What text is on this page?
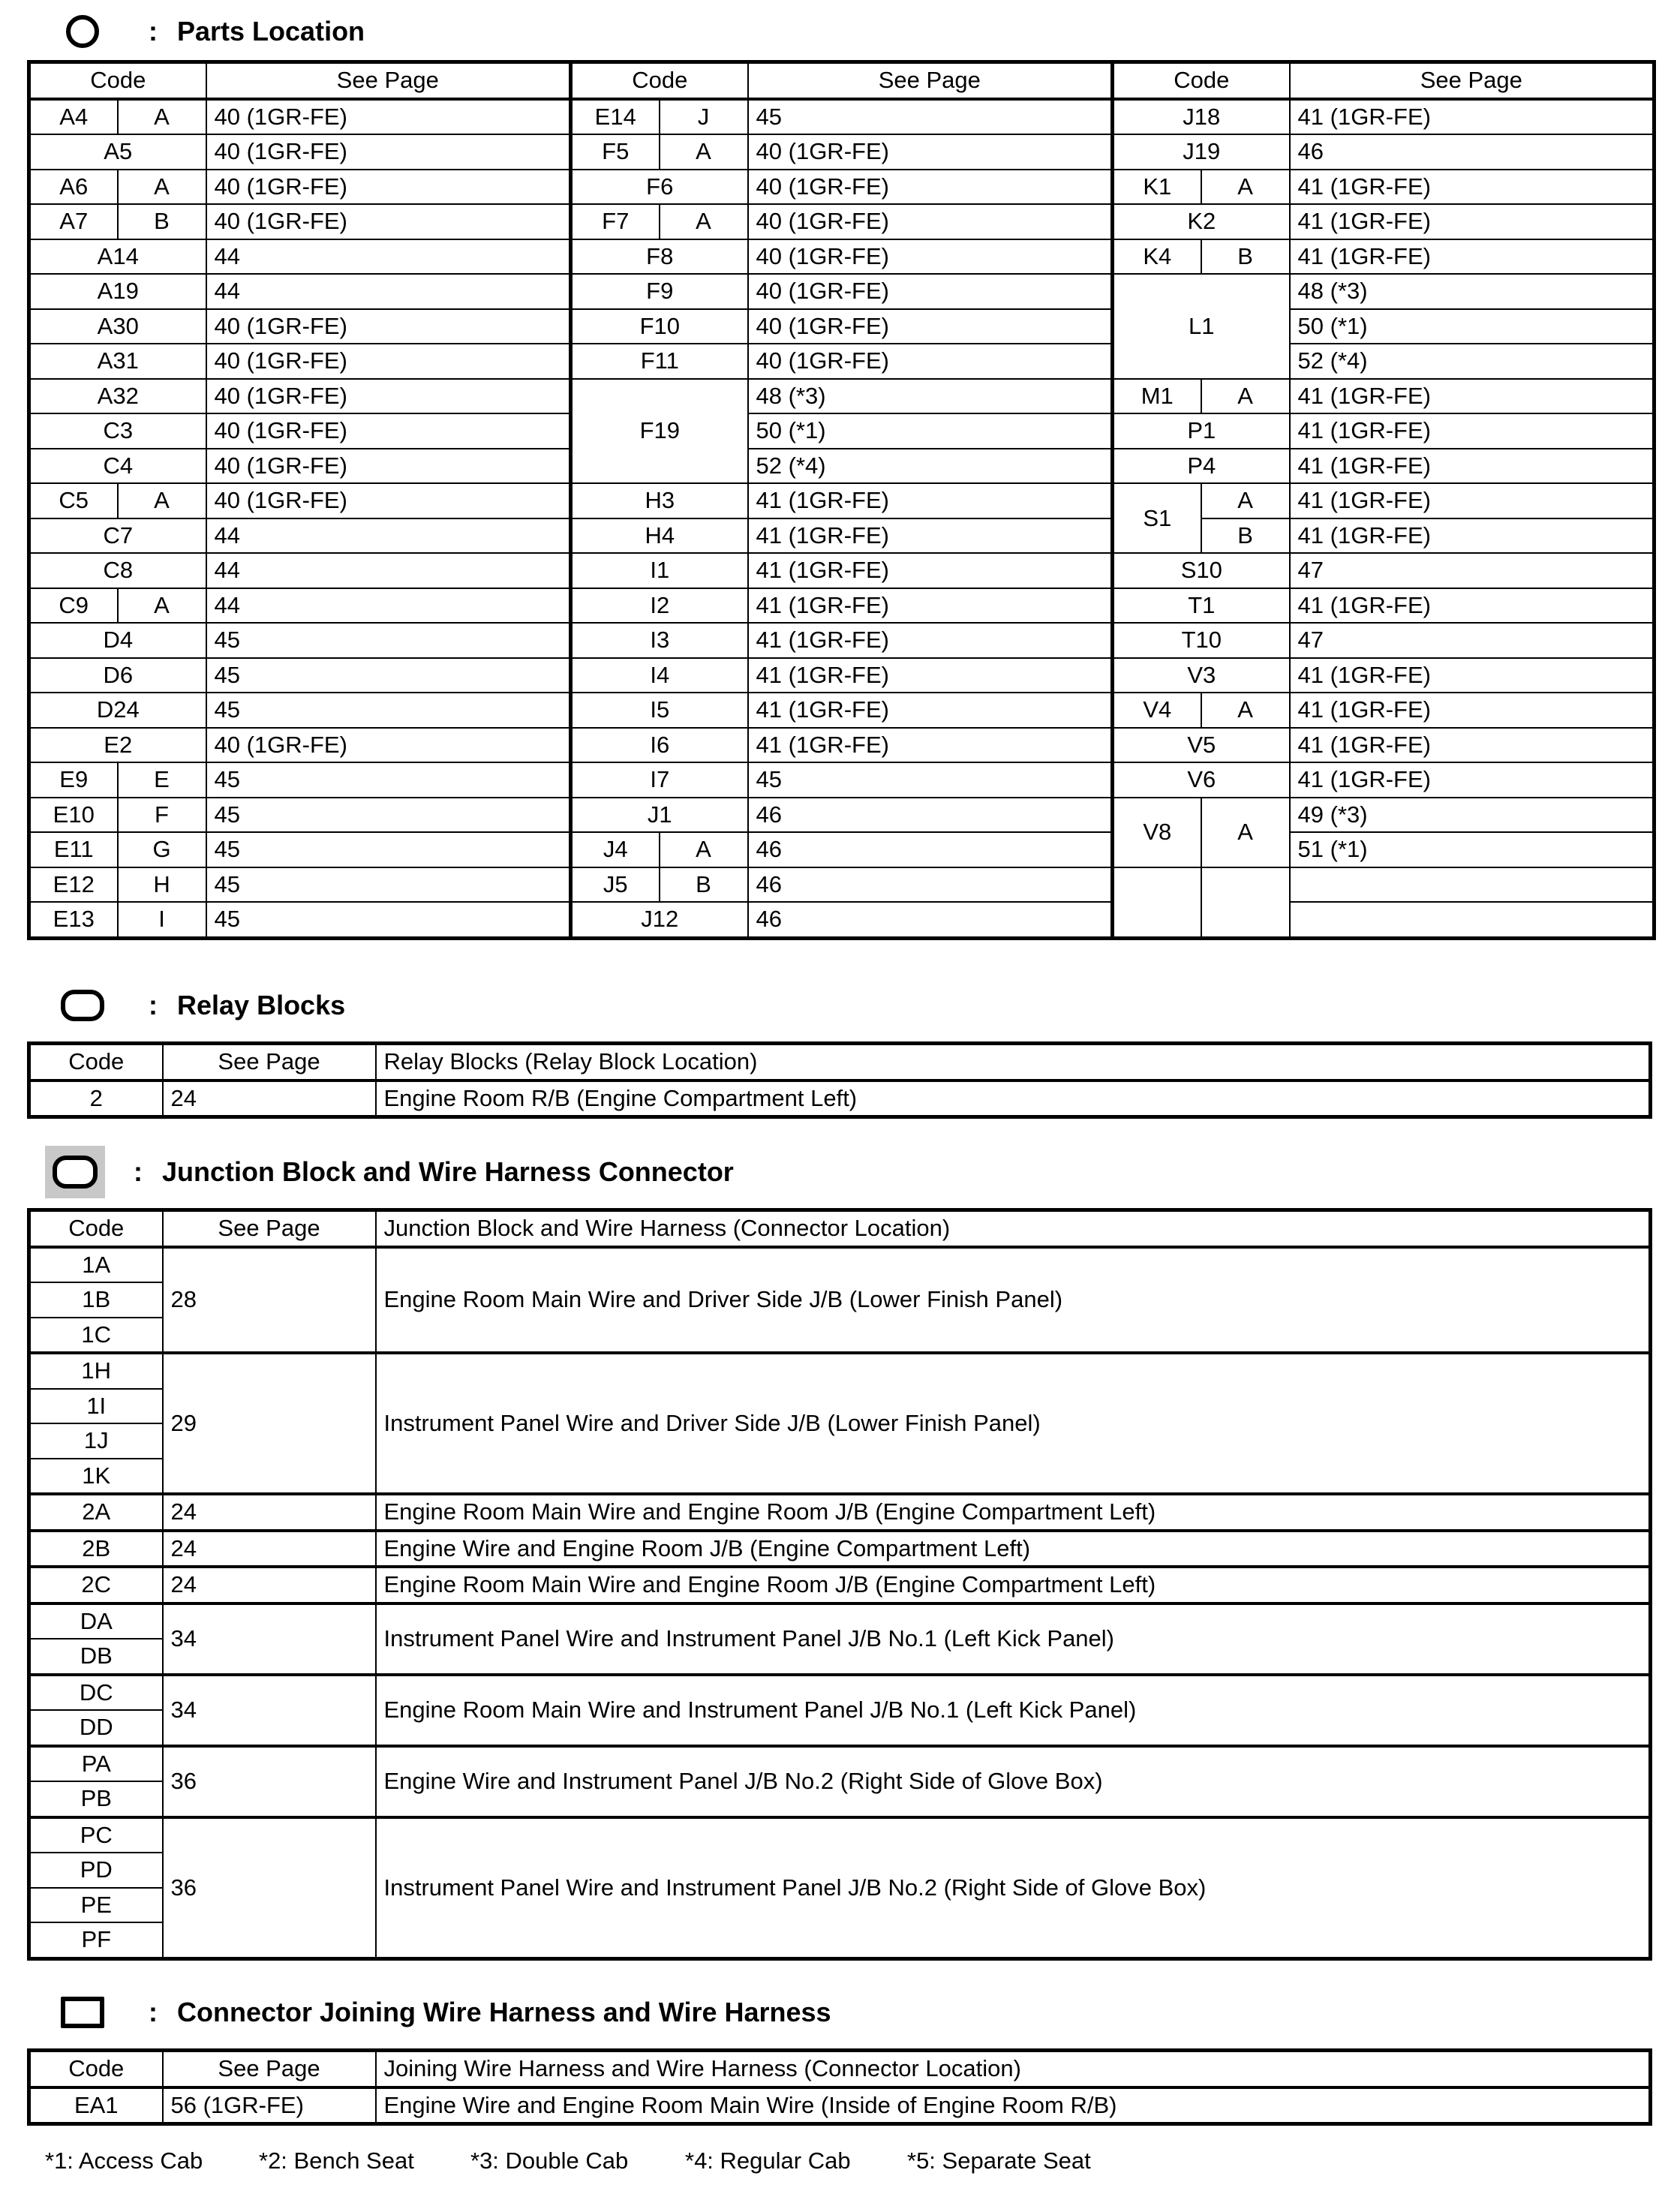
: Parts Location
Code		See Page	Code		See Page	Code		See Page
A4	A	40 (1GR-FE)	E14	J	45	J18		41 (1GR-FE)
A5		40 (1GR-FE)	F5	A	40 (1GR-FE)	J19		46
A6	A	40 (1GR-FE)	F6		40 (1GR-FE)	K1	A	41 (1GR-FE)
A7	B	40 (1GR-FE)	F7	A	40 (1GR-FE)	K2		41 (1GR-FE)
A14		44	F8		40 (1GR-FE)	K4	B	41 (1GR-FE)
A19		44	F9		40 (1GR-FE)	L1		48 (*3)
A30		40 (1GR-FE)	F10		40 (1GR-FE)			50 (*1)
A31		40 (1GR-FE)	F11		40 (1GR-FE)			52 (*4)
A32		40 (1GR-FE)	F19		48 (*3)	M1	A	41 (1GR-FE)
C3		40 (1GR-FE)			50 (*1)	P1		41 (1GR-FE)
C4		40 (1GR-FE)			52 (*4)	P4		41 (1GR-FE)
C5	A	40 (1GR-FE)	H3		41 (1GR-FE)	S1	A	41 (1GR-FE)
C7		44	H4		41 (1GR-FE)		B	41 (1GR-FE)
C8		44	I1		41 (1GR-FE)	S10		47
C9	A	44	I2		41 (1GR-FE)	T1		41 (1GR-FE)
D4		45	I3		41 (1GR-FE)	T10		47
D6		45	I4		41 (1GR-FE)	V3		41 (1GR-FE)
D24		45	I5		41 (1GR-FE)	V4	A	41 (1GR-FE)
E2		40 (1GR-FE)	I6		41 (1GR-FE)	V5		41 (1GR-FE)
E9	E	45	I7		45	V6		41 (1GR-FE)
E10	F	45	J1		46	V8	A	49 (*3)
E11	G	45	J4	A	46			51 (*1)
E12	H	45	J5	B	46			
E13	I	45	J12		46			
: Relay Blocks
Code	See Page	Relay Blocks (Relay Block Location)
2	24	Engine Room R/B (Engine Compartment Left)
: Junction Block and Wire Harness Connector
Code	See Page	Junction Block and Wire Harness (Connector Location)
1A	28	Engine Room Main Wire and Driver Side J/B (Lower Finish Panel)
1B		
1C		
1H	29	Instrument Panel Wire and Driver Side J/B (Lower Finish Panel)
1I		
1J		
1K		
2A	24	Engine Room Main Wire and Engine Room J/B (Engine Compartment Left)
2B	24	Engine Wire and Engine Room J/B (Engine Compartment Left)
2C	24	Engine Room Main Wire and Engine Room J/B (Engine Compartment Left)
DA	34	Instrument Panel Wire and Instrument Panel J/B No.1 (Left Kick Panel)
DB		
DC	34	Engine Room Main Wire and Instrument Panel J/B No.1 (Left Kick Panel)
DD		
PA	36	Engine Wire and Instrument Panel J/B No.2 (Right Side of Glove Box)
PB		
PC	36	Instrument Panel Wire and Instrument Panel J/B No.2 (Right Side of Glove Box)
PD		
PE		
PF		
: Connector Joining Wire Harness and Wire Harness
Code	See Page	Joining Wire Harness and Wire Harness (Connector Location)
EA1	56 (1GR-FE)	Engine Wire and Engine Room Main Wire (Inside of Engine Room R/B)
*1: Access Cab	*2: Bench Seat	*3: Double Cab	*4: Regular Cab	*5: Separate Seat
